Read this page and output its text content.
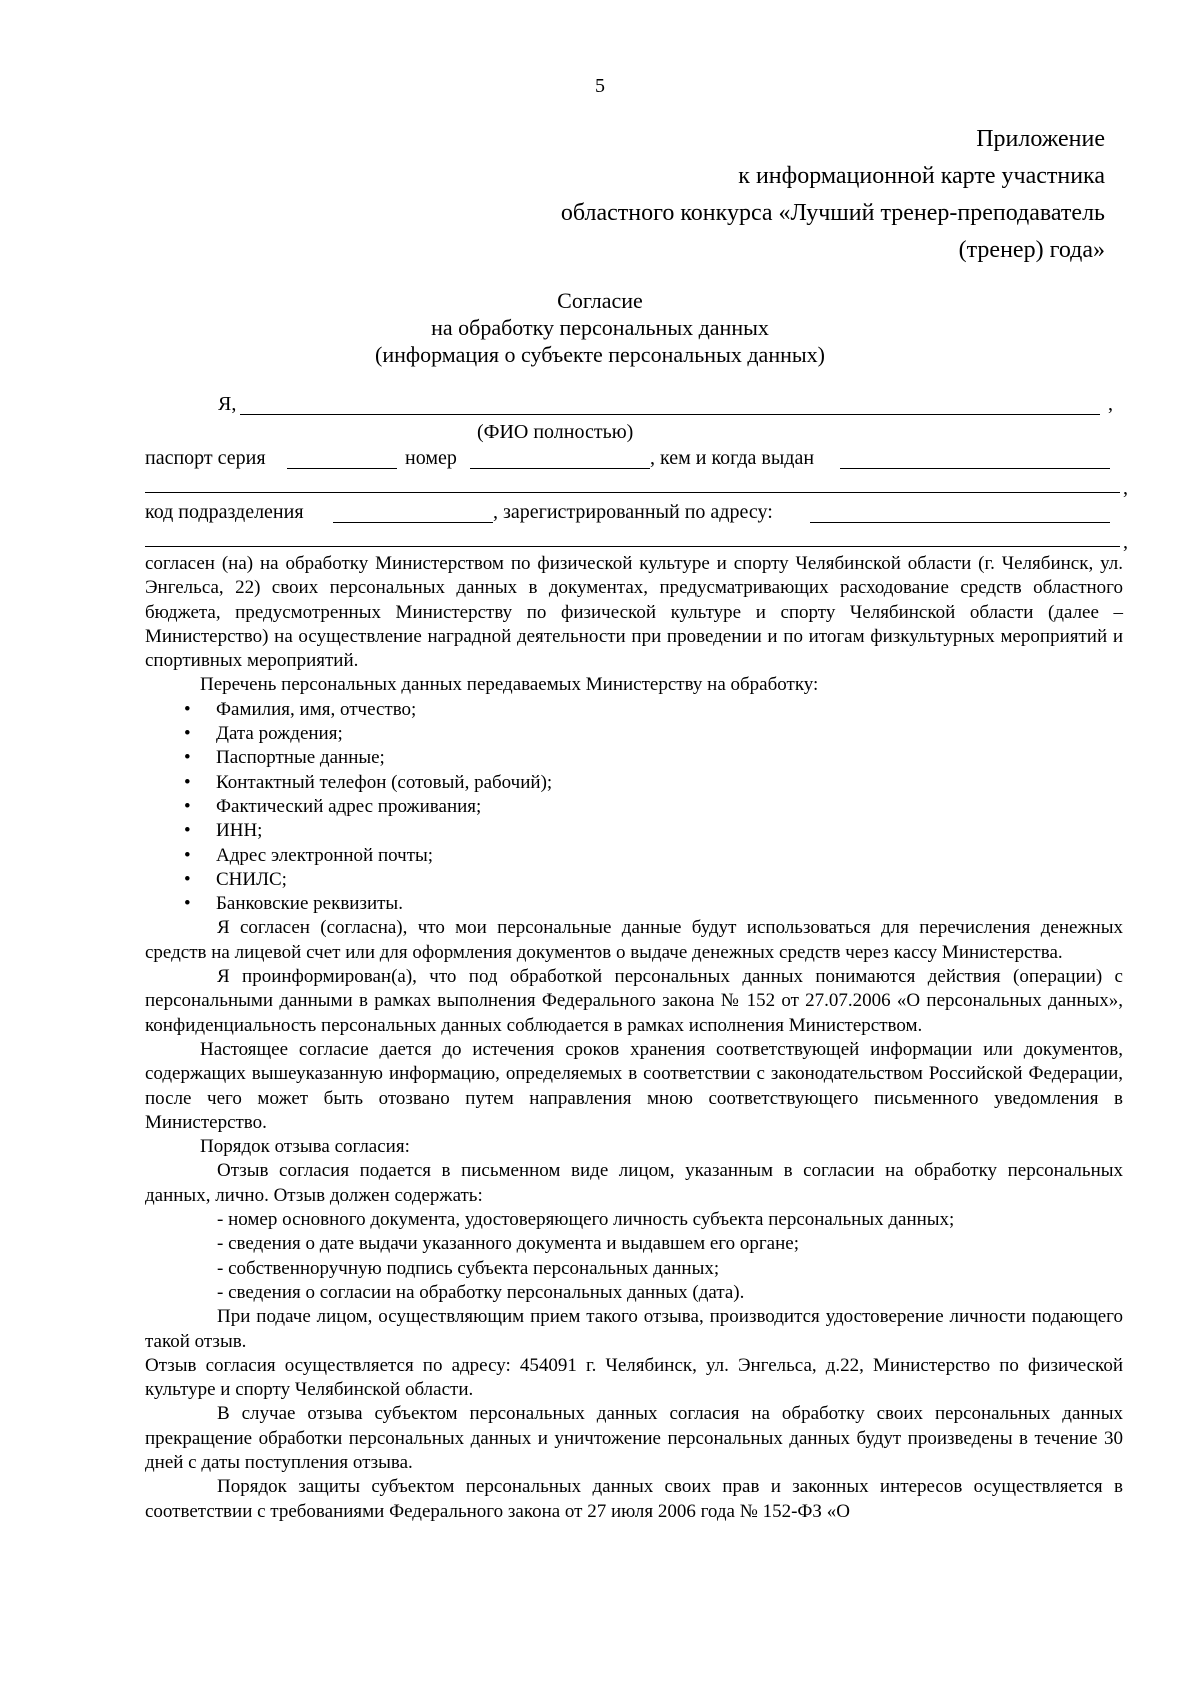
5
Приложение
к информационной карте участника
областного конкурса «Лучший тренер-преподаватель
(тренер) года»
Согласие
на обработку персональных данных
(информация о субъекте персональных данных)
Я,	,
(ФИО полностью)
паспорт серия	номер	, кем и когда выдан
,
код подразделения	, зарегистрированный по адресу:
,

согласен (на) на обработку Министерством по физической культуре и спорту Челябинской области (г. Челябинск, ул. Энгельса, 22) своих персональных данных в документах, предусматривающих расходование средств областного бюджета, предусмотренных Министерству по физической культуре и спорту Челябинской области (далее – Министерство) на осуществление наградной деятельности при проведении и по итогам физкультурных мероприятий и спортивных мероприятий.

Перечень персональных данных передаваемых Министерству на обработку:

• Фамилия, имя, отчество;
• Дата рождения;
• Паспортные данные;
• Контактный телефон (сотовый, рабочий);
• Фактический адрес проживания;
• ИНН;
• Адрес электронной почты;
• СНИЛС;
• Банковские реквизиты.

Я согласен (согласна), что мои персональные данные будут использоваться для перечисления денежных средств на лицевой счет или для оформления документов о выдаче денежных средств через кассу Министерства.

Я проинформирован(а), что под обработкой персональных данных понимаются действия (операции) с персональными данными в рамках выполнения Федерального закона № 152 от 27.07.2006 «О персональных данных», конфиденциальность персональных данных соблюдается в рамках исполнения Министерством.

Настоящее согласие дается до истечения сроков хранения соответствующей информации или документов, содержащих вышеуказанную информацию, определяемых в соответствии с законодательством Российской Федерации, после чего может быть отозвано путем направления мною соответствующего письменного уведомления в Министерство.

Порядок отзыва согласия:

Отзыв согласия подается в письменном виде лицом, указанным в согласии на обработку персональных данных, лично. Отзыв должен содержать:

- номер основного документа, удостоверяющего личность субъекта персональных данных;

- сведения о дате выдачи указанного документа и выдавшем его органе;

- собственноручную подпись субъекта персональных данных;

- сведения о согласии на обработку персональных данных (дата).

При подаче лицом, осуществляющим прием такого отзыва, производится удостоверение личности подающего такой отзыв.

Отзыв согласия осуществляется по адресу: 454091 г. Челябинск, ул. Энгельса, д.22, Министерство по физической культуре и спорту Челябинской области.

В случае отзыва субъектом персональных данных согласия на обработку своих персональных данных прекращение обработки персональных данных и уничтожение персональных данных будут произведены в течение 30 дней с даты поступления отзыва.

Порядок защиты субъектом персональных данных своих прав и законных интересов осуществляется в соответствии с требованиями Федерального закона от 27 июля 2006 года № 152-ФЗ «О
